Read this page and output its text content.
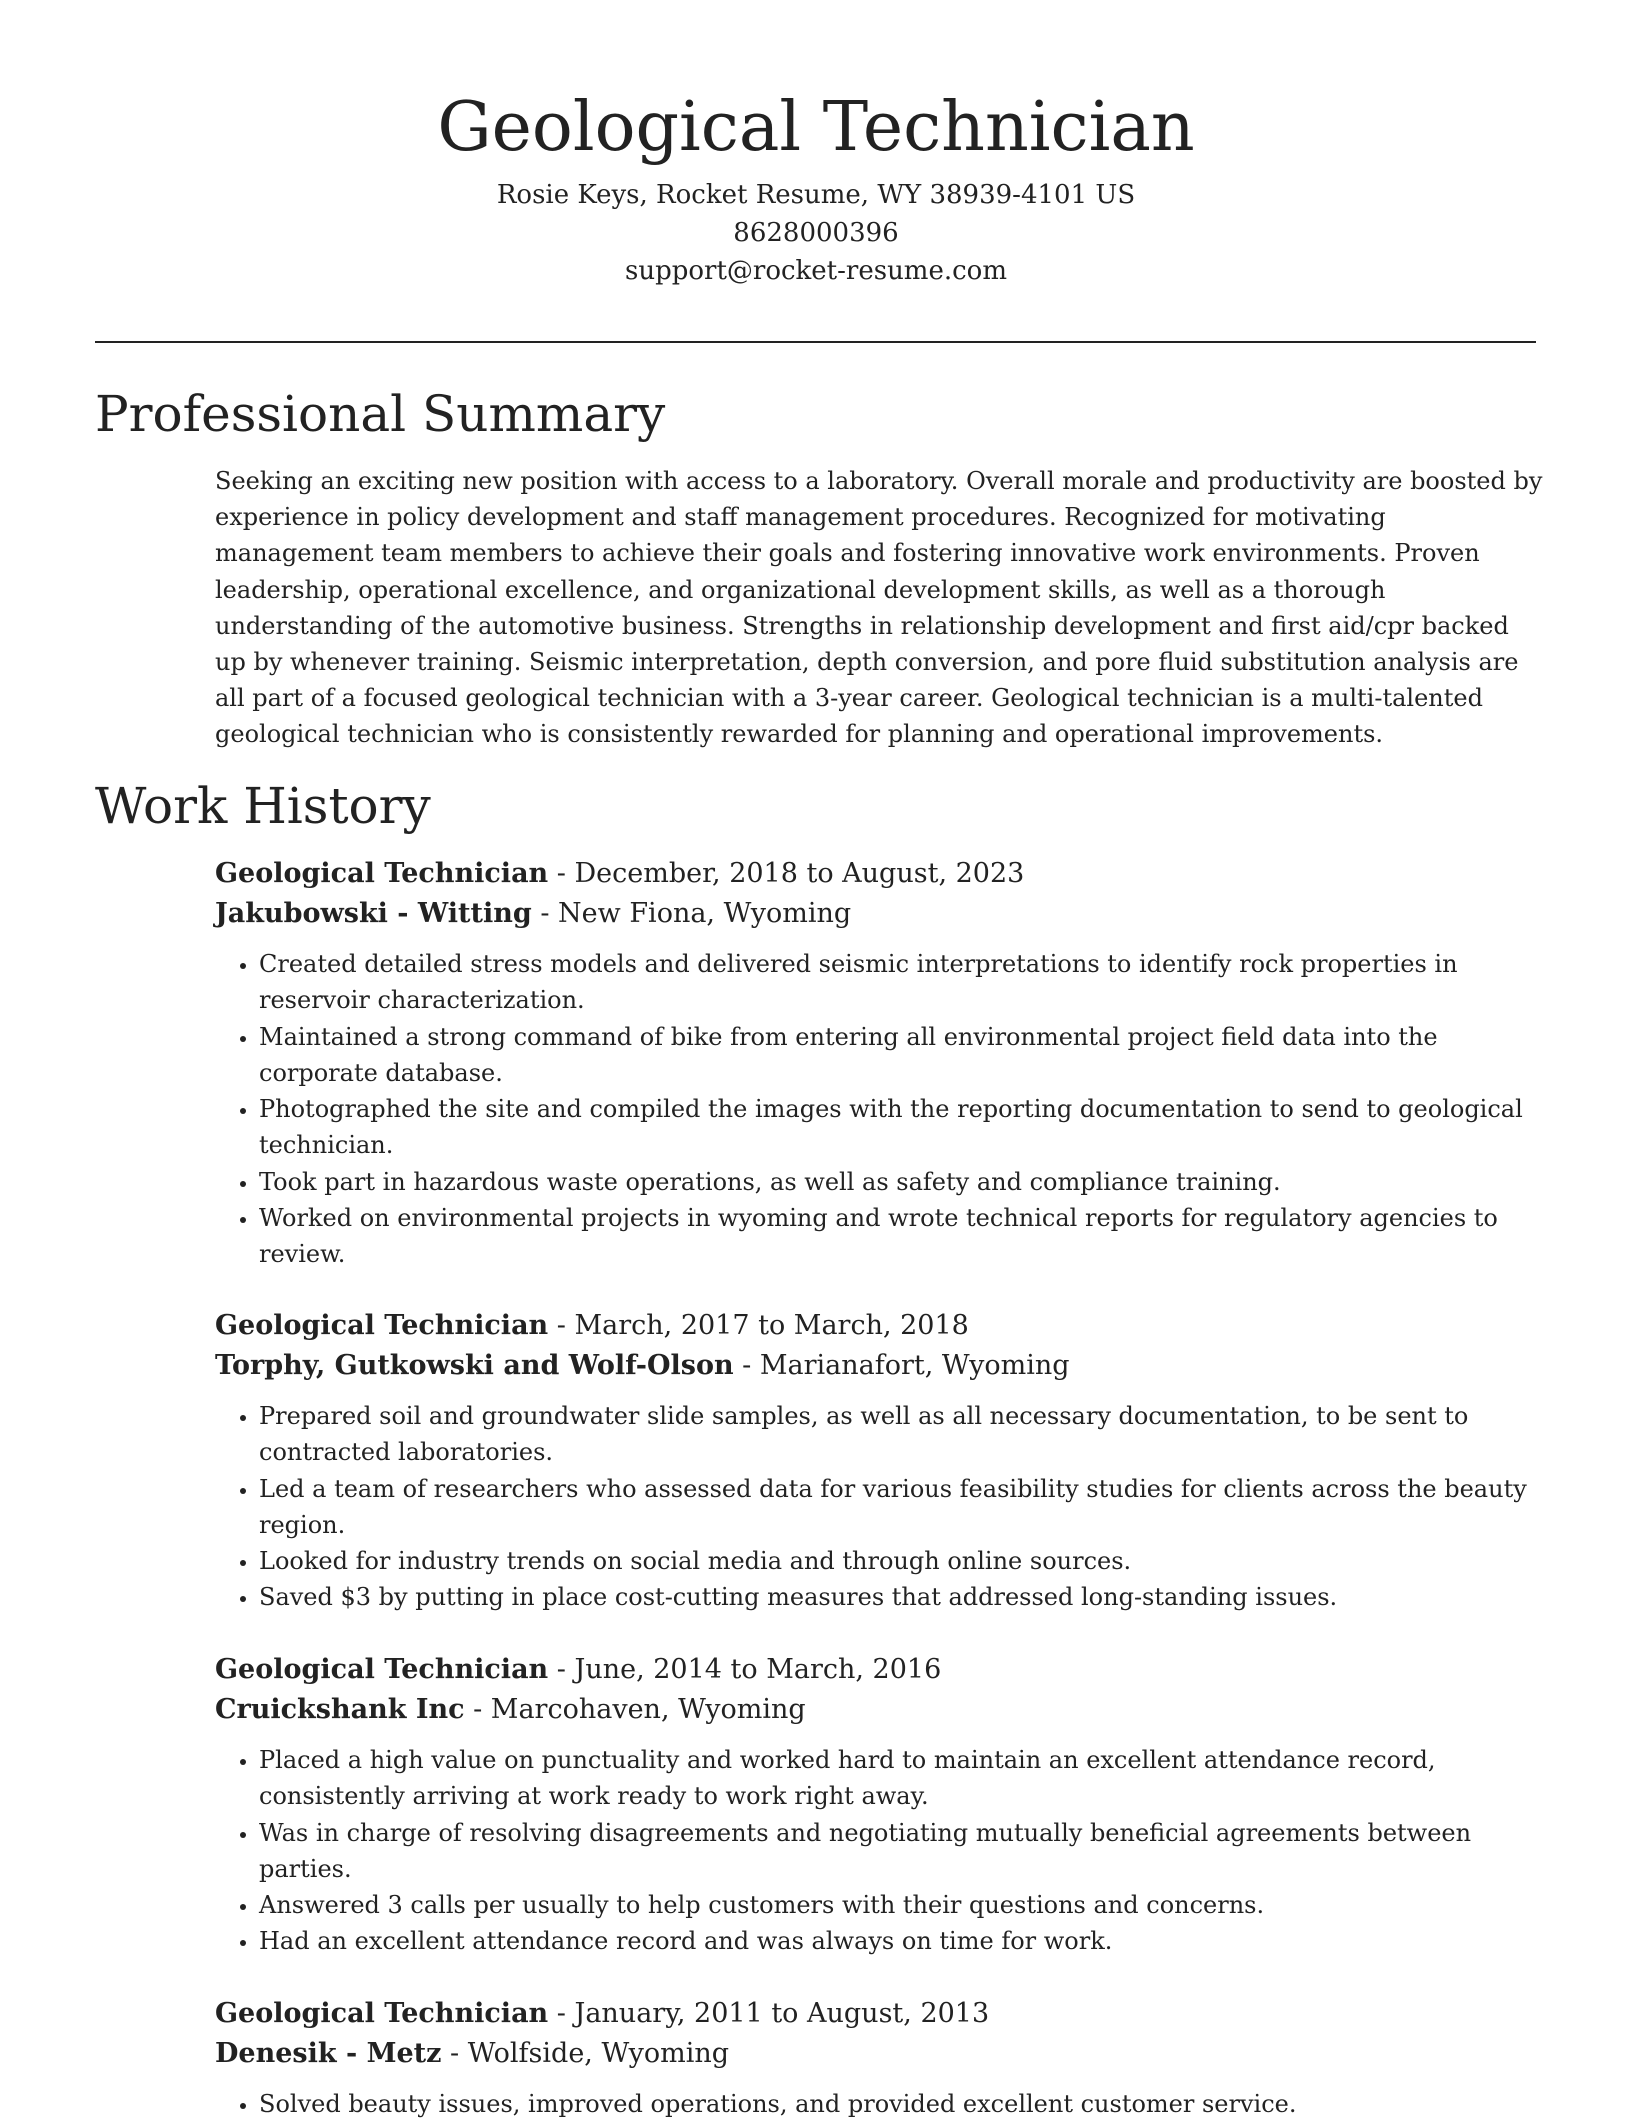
Geological Technician
Rosie Keys, Rocket Resume, WY 38939-4101 US
8628000396
support@rocket-resume.com
Professional Summary

Seeking an exciting new position with access to a laboratory. Overall morale and productivity are boosted by experience in policy development and staff management procedures. Recognized for motivating management team members to achieve their goals and fostering innovative work environments. Proven leadership, operational excellence, and organizational development skills, as well as a thorough understanding of the automotive business. Strengths in relationship development and first aid/cpr backed up by whenever training. Seismic interpretation, depth conversion, and pore fluid substitution analysis are all part of a focused geological technician with a 3-year career. Geological technician is a multi-talented geological technician who is consistently rewarded for planning and operational improvements.

Work History
Geological Technician - December, 2018 to August, 2023
Jakubowski - Witting - New Fiona, Wyoming
• Created detailed stress models and delivered seismic interpretations to identify rock properties in reservoir characterization.
• Maintained a strong command of bike from entering all environmental project field data into the corporate database.
• Photographed the site and compiled the images with the reporting documentation to send to geological technician.
• Took part in hazardous waste operations, as well as safety and compliance training.
• Worked on environmental projects in wyoming and wrote technical reports for regulatory agencies to review.
Geological Technician - March, 2017 to March, 2018
Torphy, Gutkowski and Wolf-Olson - Marianafort, Wyoming
• Prepared soil and groundwater slide samples, as well as all necessary documentation, to be sent to contracted laboratories.
• Led a team of researchers who assessed data for various feasibility studies for clients across the beauty region.
• Looked for industry trends on social media and through online sources.
• Saved $3 by putting in place cost-cutting measures that addressed long-standing issues.
Geological Technician - June, 2014 to March, 2016
Cruickshank Inc - Marcohaven, Wyoming
• Placed a high value on punctuality and worked hard to maintain an excellent attendance record, consistently arriving at work ready to work right away.
• Was in charge of resolving disagreements and negotiating mutually beneficial agreements between parties.
• Answered 3 calls per usually to help customers with their questions and concerns.
• Had an excellent attendance record and was always on time for work.
Geological Technician - January, 2011 to August, 2013
Denesik - Metz - Wolfside, Wyoming
• Solved beauty issues, improved operations, and provided excellent customer service.
